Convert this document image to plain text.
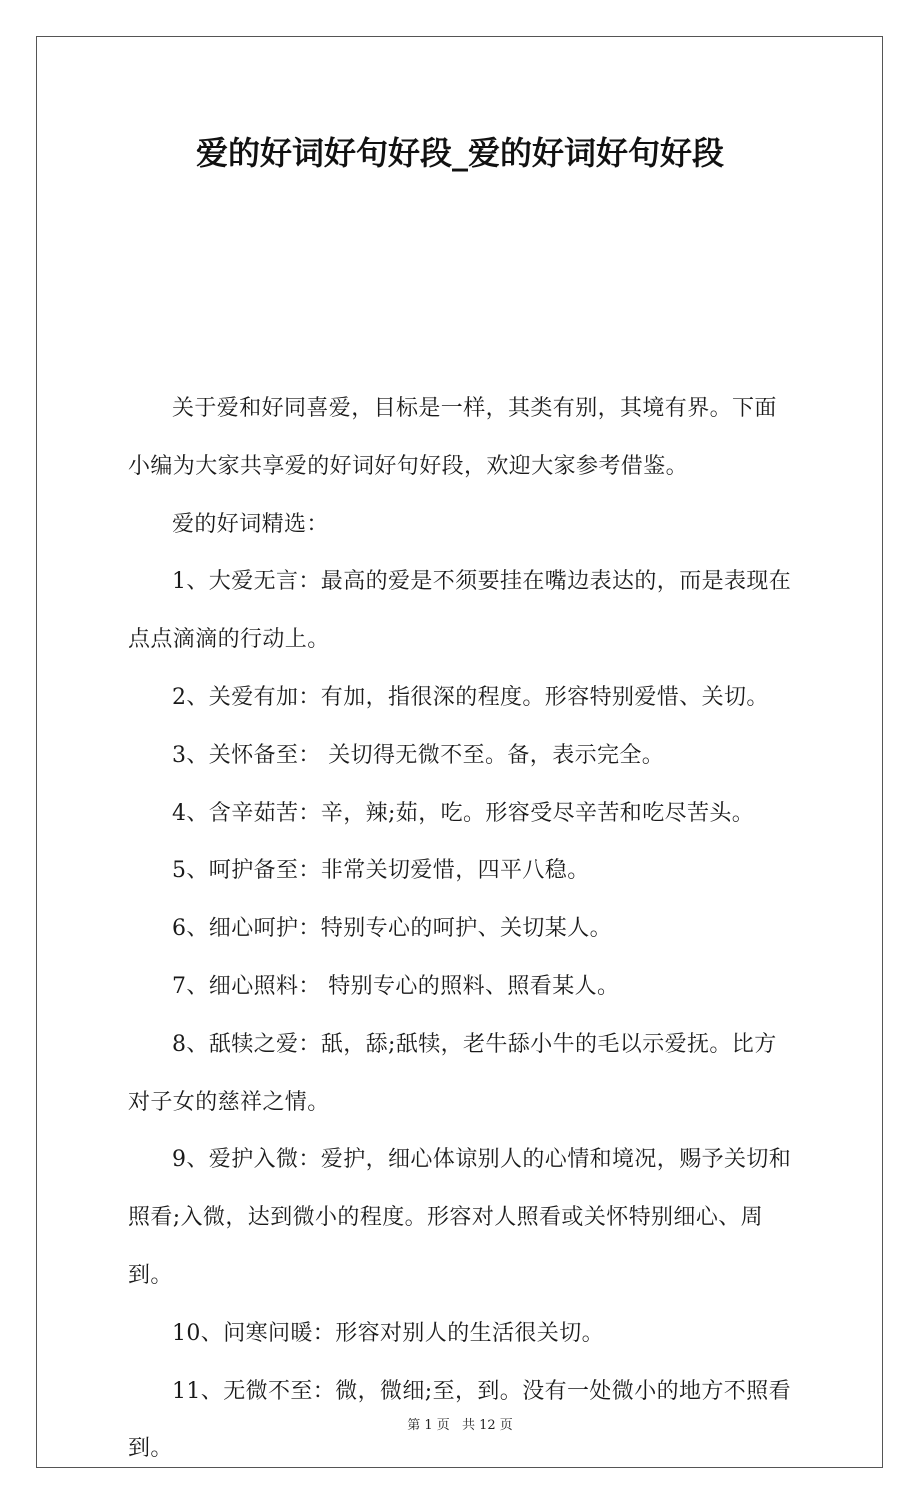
爱的好词好句好段_爱的好词好句好段

关于爱和好同喜爱，目标是一样，其类有别，其境有界。下面小编为大家共享爱的好词好句好段，欢迎大家参考借鉴。

爱的好词精选：

1、大爱无言：最高的爱是不须要挂在嘴边表达的，而是表现在点点滴滴的行动上。

2、关爱有加：有加，指很深的程度。形容特别爱惜、关切。

3、关怀备至： 关切得无微不至。备，表示完全。

4、含辛茹苦：辛，辣;茹，吃。形容受尽辛苦和吃尽苦头。

5、呵护备至：非常关切爱惜，四平八稳。

6、细心呵护：特别专心的呵护、关切某人。

7、细心照料： 特别专心的照料、照看某人。

8、舐犊之爱：舐，舔;舐犊，老牛舔小牛的毛以示爱抚。比方对子女的慈祥之情。

9、爱护入微：爱护，细心体谅别人的心情和境况，赐予关切和照看;入微，达到微小的程度。形容对人照看或关怀特别细心、周到。

10、问寒问暖：形容对别人的生活很关切。

11、无微不至：微，微细;至，到。没有一处微小的地方不照看到。

第 1 页 共 12 页
